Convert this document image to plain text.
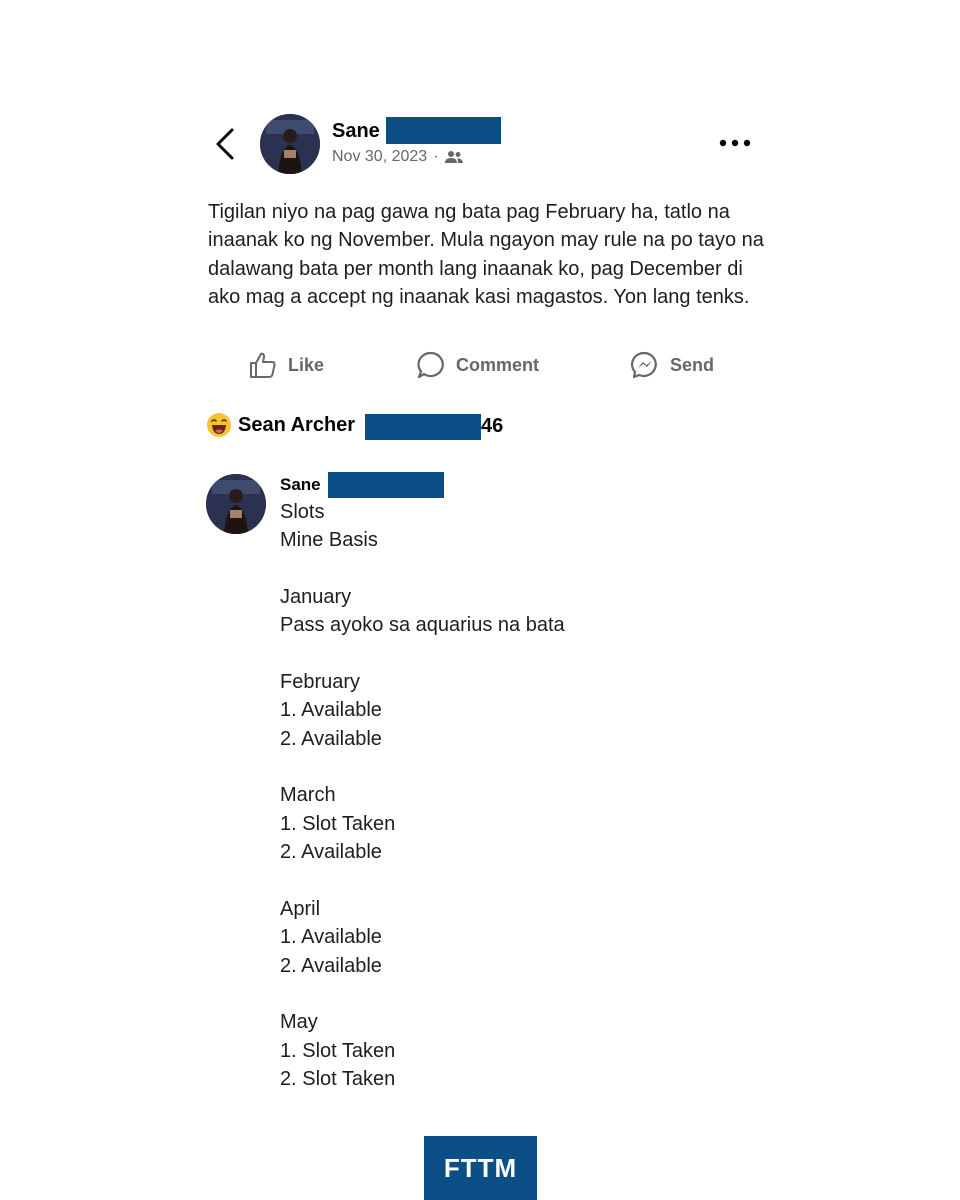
Sane
Nov 30, 2023 ·
Tigilan niyo na pag gawa ng bata pag February ha, tatlo na inaanak ko ng November. Mula ngayon may rule na po tayo na dalawang bata per month lang inaanak ko, pag December di ako mag a accept ng inaanak kasi magastos. Yon lang tenks.
Like	Comment	Send
Sean Archer	46
Sane
Slots
Mine Basis
January
Pass ayoko sa aquarius na bata
February
1. Available
2. Available
March
1. Slot Taken
2. Available
April
1. Available
2. Available
May
1. Slot Taken
2. Slot Taken
FTTM
